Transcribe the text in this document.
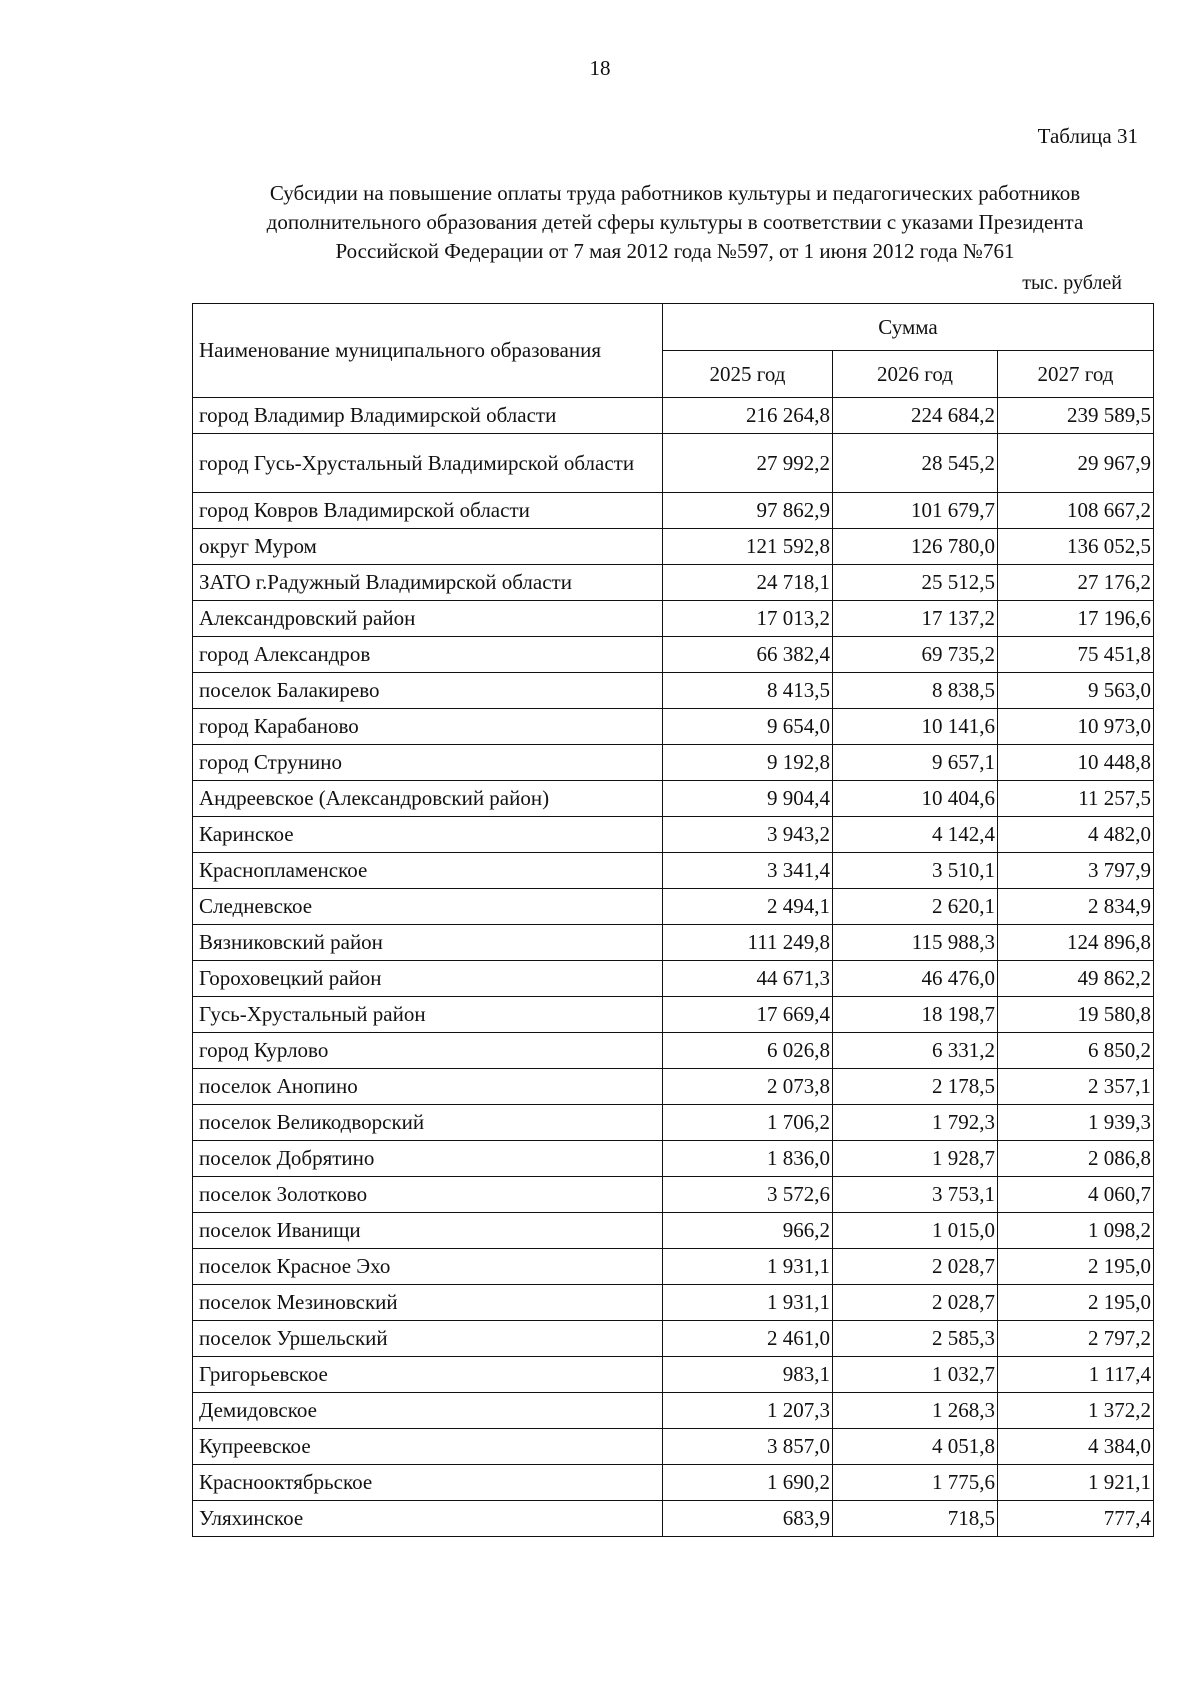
18
Таблица 31
Субсидии на повышение оплаты труда работников культуры и педагогических работников
дополнительного образования детей сферы культуры в соответствии с указами Президента
Российской Федерации от 7 мая 2012 года №597, от 1 июня 2012 года №761
тыс. рублей
Наименование муниципального образования	Сумма		
	2025 год	2026 год	2027 год
город Владимир Владимирской области	216 264,8	224 684,2	239 589,5
город Гусь-Хрустальный Владимирской области	27 992,2	28 545,2	29 967,9
город Ковров Владимирской области	97 862,9	101 679,7	108 667,2
округ Муром	121 592,8	126 780,0	136 052,5
ЗАТО г.Радужный Владимирской области	24 718,1	25 512,5	27 176,2
Александровский район	17 013,2	17 137,2	17 196,6
город Александров	66 382,4	69 735,2	75 451,8
поселок Балакирево	8 413,5	8 838,5	9 563,0
город Карабаново	9 654,0	10 141,6	10 973,0
город Струнино	9 192,8	9 657,1	10 448,8
Андреевское (Александровский район)	9 904,4	10 404,6	11 257,5
Каринское	3 943,2	4 142,4	4 482,0
Краснопламенское	3 341,4	3 510,1	3 797,9
Следневское	2 494,1	2 620,1	2 834,9
Вязниковский район	111 249,8	115 988,3	124 896,8
Гороховецкий район	44 671,3	46 476,0	49 862,2
Гусь-Хрустальный район	17 669,4	18 198,7	19 580,8
город Курлово	6 026,8	6 331,2	6 850,2
поселок Анопино	2 073,8	2 178,5	2 357,1
поселок Великодворский	1 706,2	1 792,3	1 939,3
поселок Добрятино	1 836,0	1 928,7	2 086,8
поселок Золотково	3 572,6	3 753,1	4 060,7
поселок Иванищи	966,2	1 015,0	1 098,2
поселок Красное Эхо	1 931,1	2 028,7	2 195,0
поселок Мезиновский	1 931,1	2 028,7	2 195,0
поселок Уршельский	2 461,0	2 585,3	2 797,2
Григорьевское	983,1	1 032,7	1 117,4
Демидовское	1 207,3	1 268,3	1 372,2
Купреевское	3 857,0	4 051,8	4 384,0
Краснооктябрьское	1 690,2	1 775,6	1 921,1
Уляхинское	683,9	718,5	777,4
